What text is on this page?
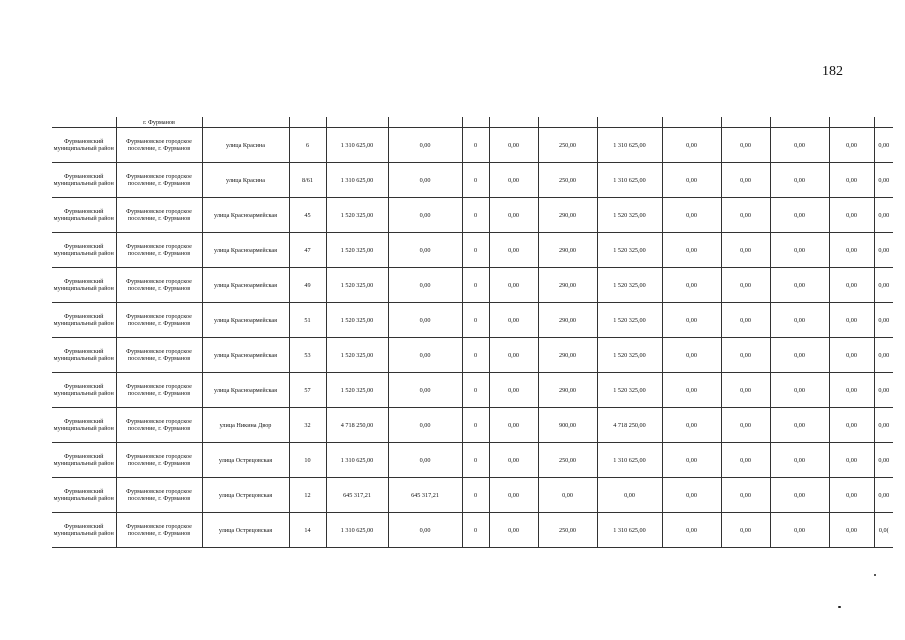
182
	г. Фурманов													
Фурмановский муниципальный район	Фурмановское городское поселение, г. Фурманов	улица Красина	6	1 310 625,00	0,00	0	0,00	250,00	1 310 625,00	0,00	0,00	0,00	0,00	0,00
Фурмановский муниципальный район	Фурмановское городское поселение, г. Фурманов	улица Красина	8/61	1 310 625,00	0,00	0	0,00	250,00	1 310 625,00	0,00	0,00	0,00	0,00	0,00
Фурмановский муниципальный район	Фурмановское городское поселение, г. Фурманов	улица Красноармейская	45	1 520 325,00	0,00	0	0,00	290,00	1 520 325,00	0,00	0,00	0,00	0,00	0,00
Фурмановский муниципальный район	Фурмановское городское поселение, г. Фурманов	улица Красноармейская	47	1 520 325,00	0,00	0	0,00	290,00	1 520 325,00	0,00	0,00	0,00	0,00	0,00
Фурмановский муниципальный район	Фурмановское городское поселение, г. Фурманов	улица Красноармейская	49	1 520 325,00	0,00	0	0,00	290,00	1 520 325,00	0,00	0,00	0,00	0,00	0,00
Фурмановский муниципальный район	Фурмановское городское поселение, г. Фурманов	улица Красноармейская	51	1 520 325,00	0,00	0	0,00	290,00	1 520 325,00	0,00	0,00	0,00	0,00	0,00
Фурмановский муниципальный район	Фурмановское городское поселение, г. Фурманов	улица Красноармейская	53	1 520 325,00	0,00	0	0,00	290,00	1 520 325,00	0,00	0,00	0,00	0,00	0,00
Фурмановский муниципальный район	Фурмановское городское поселение, г. Фурманов	улица Красноармейская	57	1 520 325,00	0,00	0	0,00	290,00	1 520 325,00	0,00	0,00	0,00	0,00	0,00
Фурмановский муниципальный район	Фурмановское городское поселение, г. Фурманов	улица Никина Двор	32	4 718 250,00	0,00	0	0,00	900,00	4 718 250,00	0,00	0,00	0,00	0,00	0,00
Фурмановский муниципальный район	Фурмановское городское поселение, г. Фурманов	улица Острецовская	10	1 310 625,00	0,00	0	0,00	250,00	1 310 625,00	0,00	0,00	0,00	0,00	0,00
Фурмановский муниципальный район	Фурмановское городское поселение, г. Фурманов	улица Острецовская	12	645 317,21	645 317,21	0	0,00	0,00	0,00	0,00	0,00	0,00	0,00	0,00
Фурмановский муниципальный район	Фурмановское городское поселение, г. Фурманов	улица Острецовская	14	1 310 625,00	0,00	0	0,00	250,00	1 310 625,00	0,00	0,00	0,00	0,00	0,0(
